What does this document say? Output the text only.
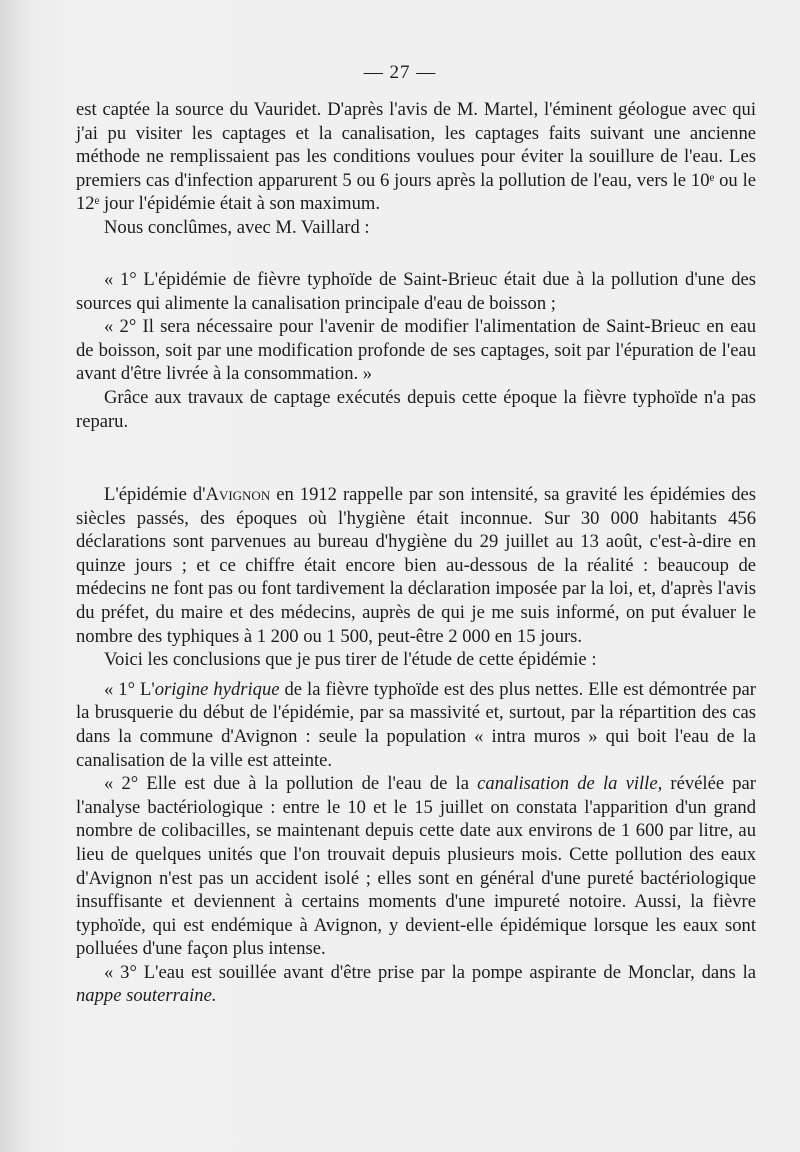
— 27 —

est captée la source du Vauridet. D'après l'avis de M. Martel, l'éminent géologue avec qui j'ai pu visiter les captages et la canalisation, les captages faits suivant une ancienne méthode ne remplissaient pas les conditions voulues pour éviter la souillure de l'eau. Les premiers cas d'infection apparurent 5 ou 6 jours après la pollution de l'eau, vers le 10ᵉ ou le 12ᵉ jour l'épidémie était à son maximum.

Nous conclûmes, avec M. Vaillard :

« 1° L'épidémie de fièvre typhoïde de Saint-Brieuc était due à la pollution d'une des sources qui alimente la canalisation principale d'eau de boisson ;

« 2° Il sera nécessaire pour l'avenir de modifier l'alimentation de Saint-Brieuc en eau de boisson, soit par une modification profonde de ses captages, soit par l'épuration de l'eau avant d'être livrée à la consommation. »

Grâce aux travaux de captage exécutés depuis cette époque la fièvre typhoïde n'a pas reparu.

L'épidémie d'Avignon en 1912 rappelle par son intensité, sa gravité les épidémies des siècles passés, des époques où l'hygiène était inconnue. Sur 30 000 habitants 456 déclarations sont parvenues au bureau d'hygiène du 29 juillet au 13 août, c'est-à-dire en quinze jours ; et ce chiffre était encore bien au-dessous de la réalité : beaucoup de médecins ne font pas ou font tardivement la déclaration imposée par la loi, et, d'après l'avis du préfet, du maire et des médecins, auprès de qui je me suis informé, on put évaluer le nombre des typhiques à 1 200 ou 1 500, peut-être 2 000 en 15 jours.

Voici les conclusions que je pus tirer de l'étude de cette épidémie :

« 1° L'origine hydrique de la fièvre typhoïde est des plus nettes. Elle est démontrée par la brusquerie du début de l'épidémie, par sa massivité et, surtout, par la répartition des cas dans la commune d'Avignon : seule la population « intra muros » qui boit l'eau de la canalisation de la ville est atteinte.

« 2° Elle est due à la pollution de l'eau de la canalisation de la ville, révélée par l'analyse bactériologique : entre le 10 et le 15 juillet on constata l'apparition d'un grand nombre de colibacilles, se maintenant depuis cette date aux environs de 1 600 par litre, au lieu de quelques unités que l'on trouvait depuis plusieurs mois. Cette pollution des eaux d'Avignon n'est pas un accident isolé ; elles sont en général d'une pureté bactériologique insuffisante et deviennent à certains moments d'une impureté notoire. Aussi, la fièvre typhoïde, qui est endémique à Avignon, y devient-elle épidémique lorsque les eaux sont polluées d'une façon plus intense.

« 3° L'eau est souillée avant d'être prise par la pompe aspirante de Monclar, dans la nappe souterraine.
